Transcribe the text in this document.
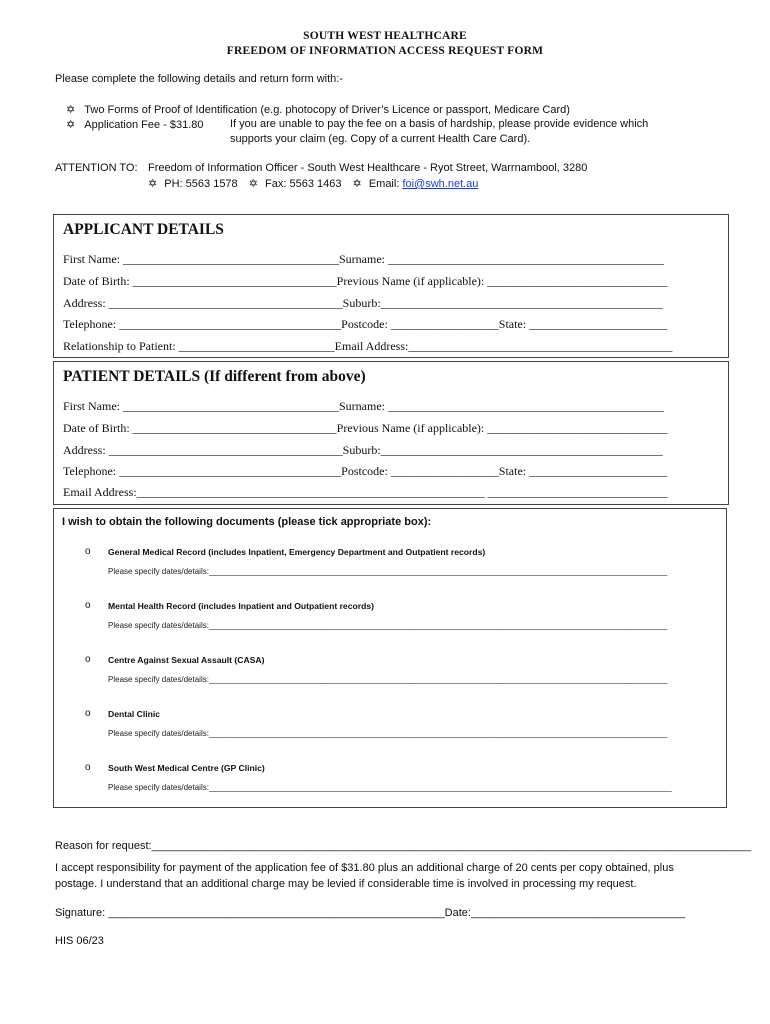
SOUTH WEST HEALTHCARE
FREEDOM OF INFORMATION ACCESS REQUEST FORM
Please complete the following details and return form with:-
✡ Two Forms of Proof of Identification (e.g. photocopy of Driver’s Licence or passport, Medicare Card)
✡ Application Fee - $31.80 If you are unable to pay the fee on a basis of hardship, please provide evidence which
supports your claim (eg. Copy of a current Health Care Card).
ATTENTION TO: Freedom of Information Officer - South West Healthcare - Ryot Street, Warrnambool, 3280
✡ PH: 5563 1578 ✡ Fax: 5563 1463 ✡ Email: foi@swh.net.au
APPLICANT DETAILS
First Name: ____________________________________Surname: ______________________________________________
Date of Birth: __________________________________Previous Name (if applicable): ______________________________
Address: _______________________________________Suburb:_______________________________________________
Telephone: _____________________________________Postcode: __________________State: _______________________
Relationship to Patient: __________________________Email Address:____________________________________________
PATIENT DETAILS (If different from above)
First Name: ____________________________________Surname: ______________________________________________
Date of Birth: __________________________________Previous Name (if applicable): ______________________________
Address: _______________________________________Suburb:_______________________________________________
Telephone: _____________________________________Postcode: __________________State: _______________________
Email Address:__________________________________________________________ ______________________________
I wish to obtain the following documents (please tick appropriate box):
o General Medical Record (includes Inpatient, Emergency Department and Outpatient records)
Please specify dates/details:_______________________________________________________________________________________________________
o Mental Health Record (includes Inpatient and Outpatient records)
Please specify dates/details:_______________________________________________________________________________________________________
o Centre Against Sexual Assault (CASA)
Please specify dates/details:_______________________________________________________________________________________________________
o Dental Clinic
Please specify dates/details:_______________________________________________________________________________________________________
o South West Medical Centre (GP Clinic)
Please specify dates/details:________________________________________________________________________________________________________
Reason for request:__________________________________________________________________________________________________
I accept responsibility for payment of the application fee of $31.80 plus an additional charge of 20 cents per copy obtained, plus
postage. I understand that an additional charge may be levied if considerable time is involved in processing my request.
Signature: _______________________________________________________Date:___________________________________
HIS 06/23
